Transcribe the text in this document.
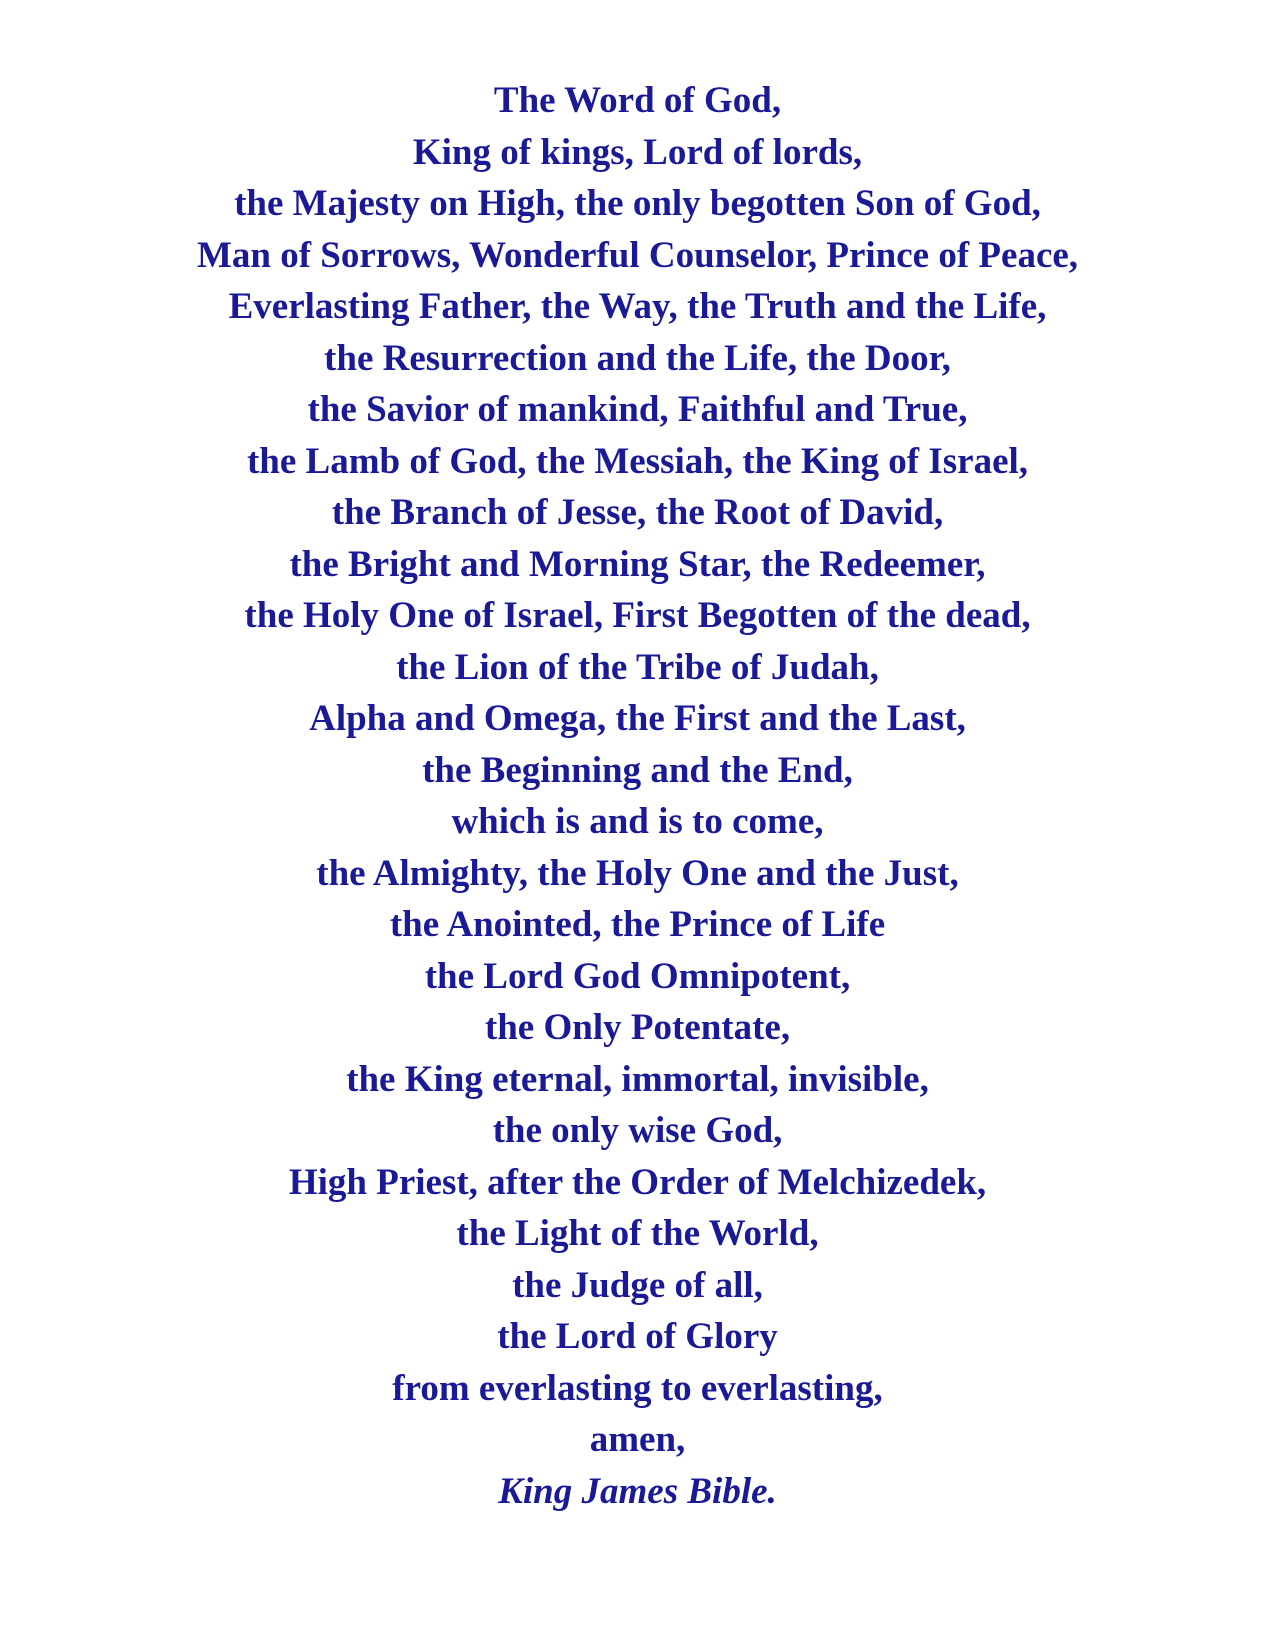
The Word of God,
King of kings, Lord of lords,
the Majesty on High, the only begotten Son of God,
Man of Sorrows, Wonderful Counselor, Prince of Peace,
Everlasting Father, the Way, the Truth and the Life,
the Resurrection and the Life, the Door,
the Savior of mankind, Faithful and True,
the Lamb of God, the Messiah, the King of Israel,
the Branch of Jesse, the Root of David,
the Bright and Morning Star, the Redeemer,
the Holy One of Israel, First Begotten of the dead,
the Lion of the Tribe of Judah,
Alpha and Omega, the First and the Last,
the Beginning and the End,
which is and is to come,
the Almighty, the Holy One and the Just,
the Anointed, the Prince of Life
the Lord God Omnipotent,
the Only Potentate,
the King eternal, immortal, invisible,
the only wise God,
High Priest, after the Order of Melchizedek,
the Light of the World,
the Judge of all,
the Lord of Glory
from everlasting to everlasting,
amen,
King James Bible.
